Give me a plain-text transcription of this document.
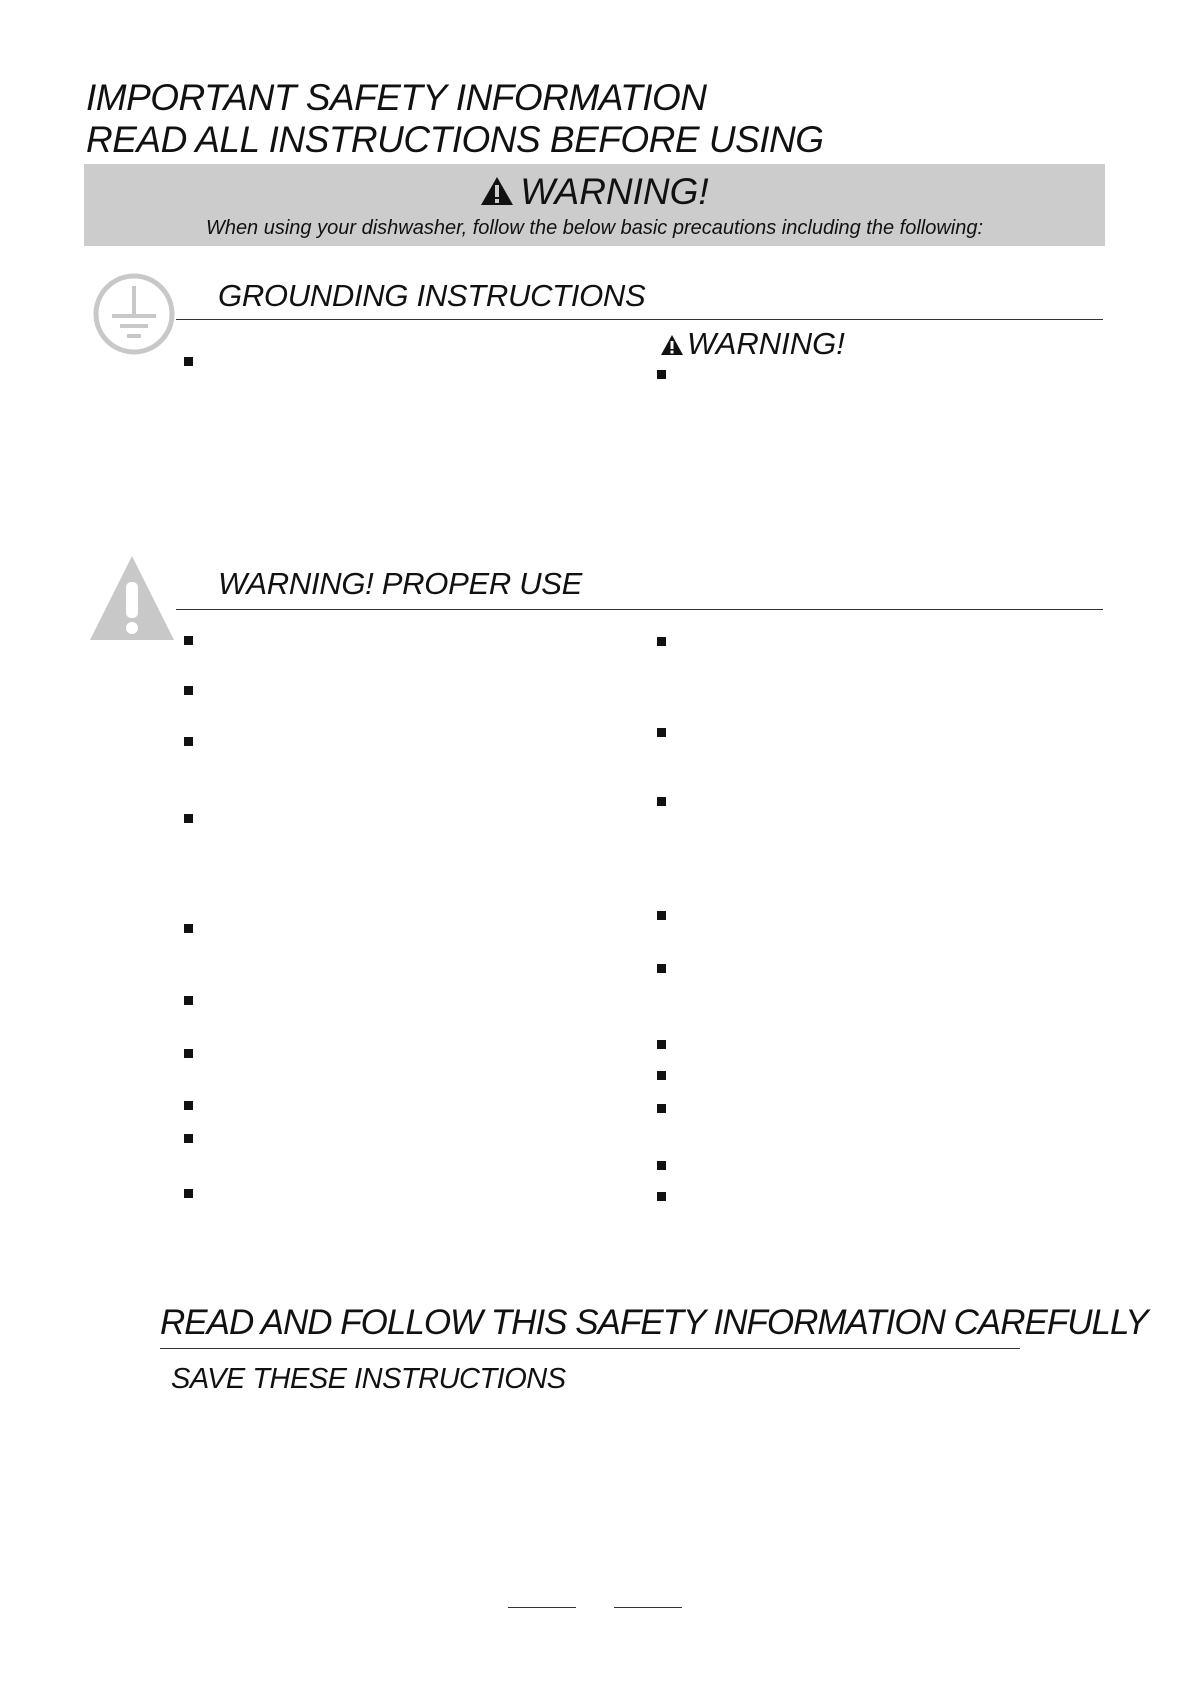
IMPORTANT SAFETY INFORMATION
READ ALL INSTRUCTIONS BEFORE USING
WARNING!
When using your dishwasher, follow the below basic precautions including the following:
GROUNDING INSTRUCTIONS
WARNING!
WARNING! PROPER USE
READ AND FOLLOW THIS SAFETY INFORMATION CAREFULLY
SAVE THESE INSTRUCTIONS
